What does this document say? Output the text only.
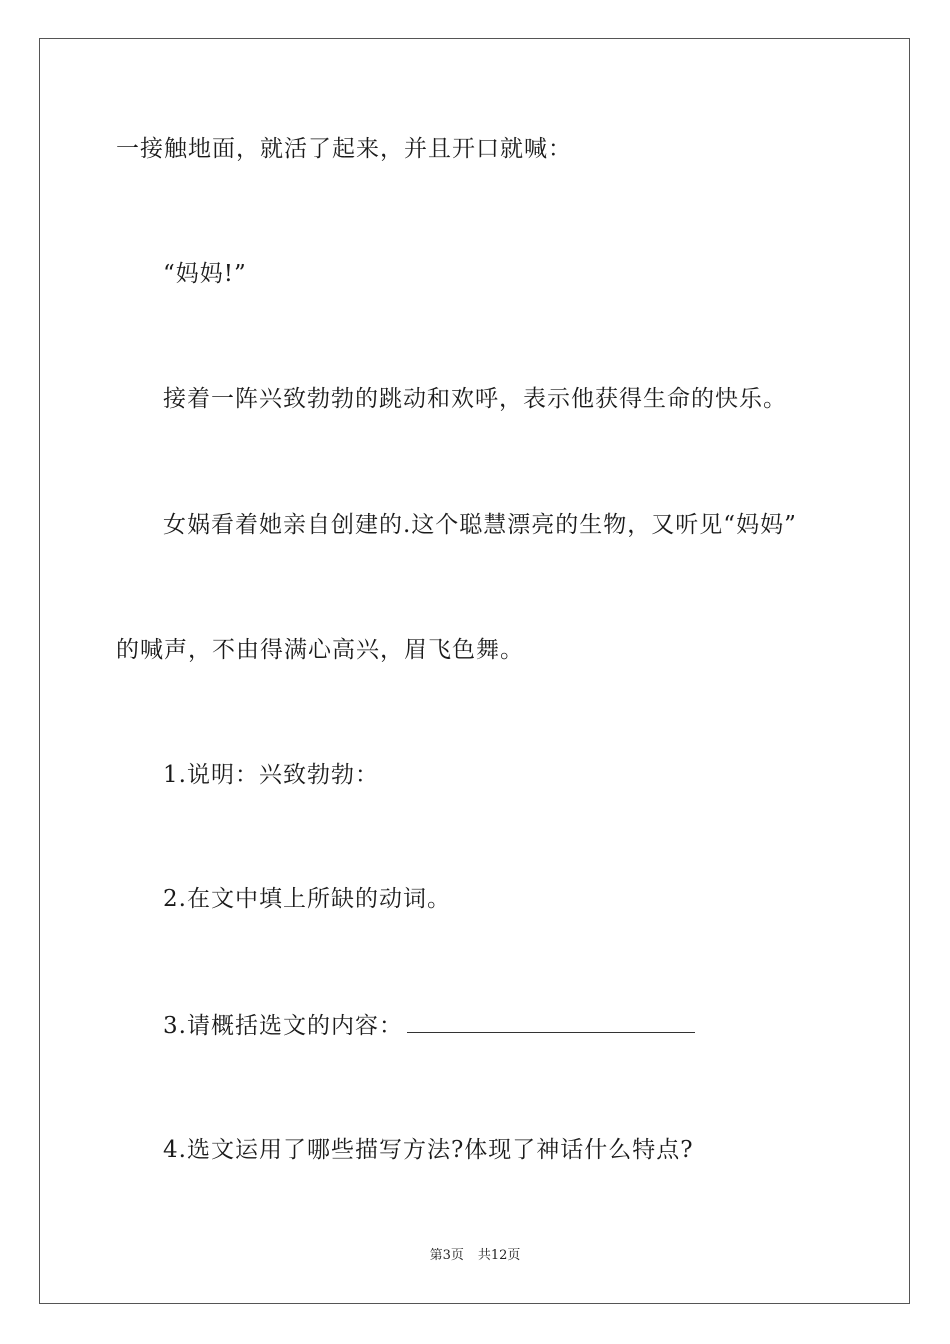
一接触地面，就活了起来，并且开口就喊：
“妈妈!”
接着一阵兴致勃勃的跳动和欢呼，表示他获得生命的快乐。
女娲看着她亲自创建的.这个聪慧漂亮的生物，又听见“妈妈”
的喊声，不由得满心高兴，眉飞色舞。
1.说明：兴致勃勃：
2.在文中填上所缺的动词。
3.请概括选文的内容：
4.选文运用了哪些描写方法?体现了神话什么特点?
第3页 共12页
